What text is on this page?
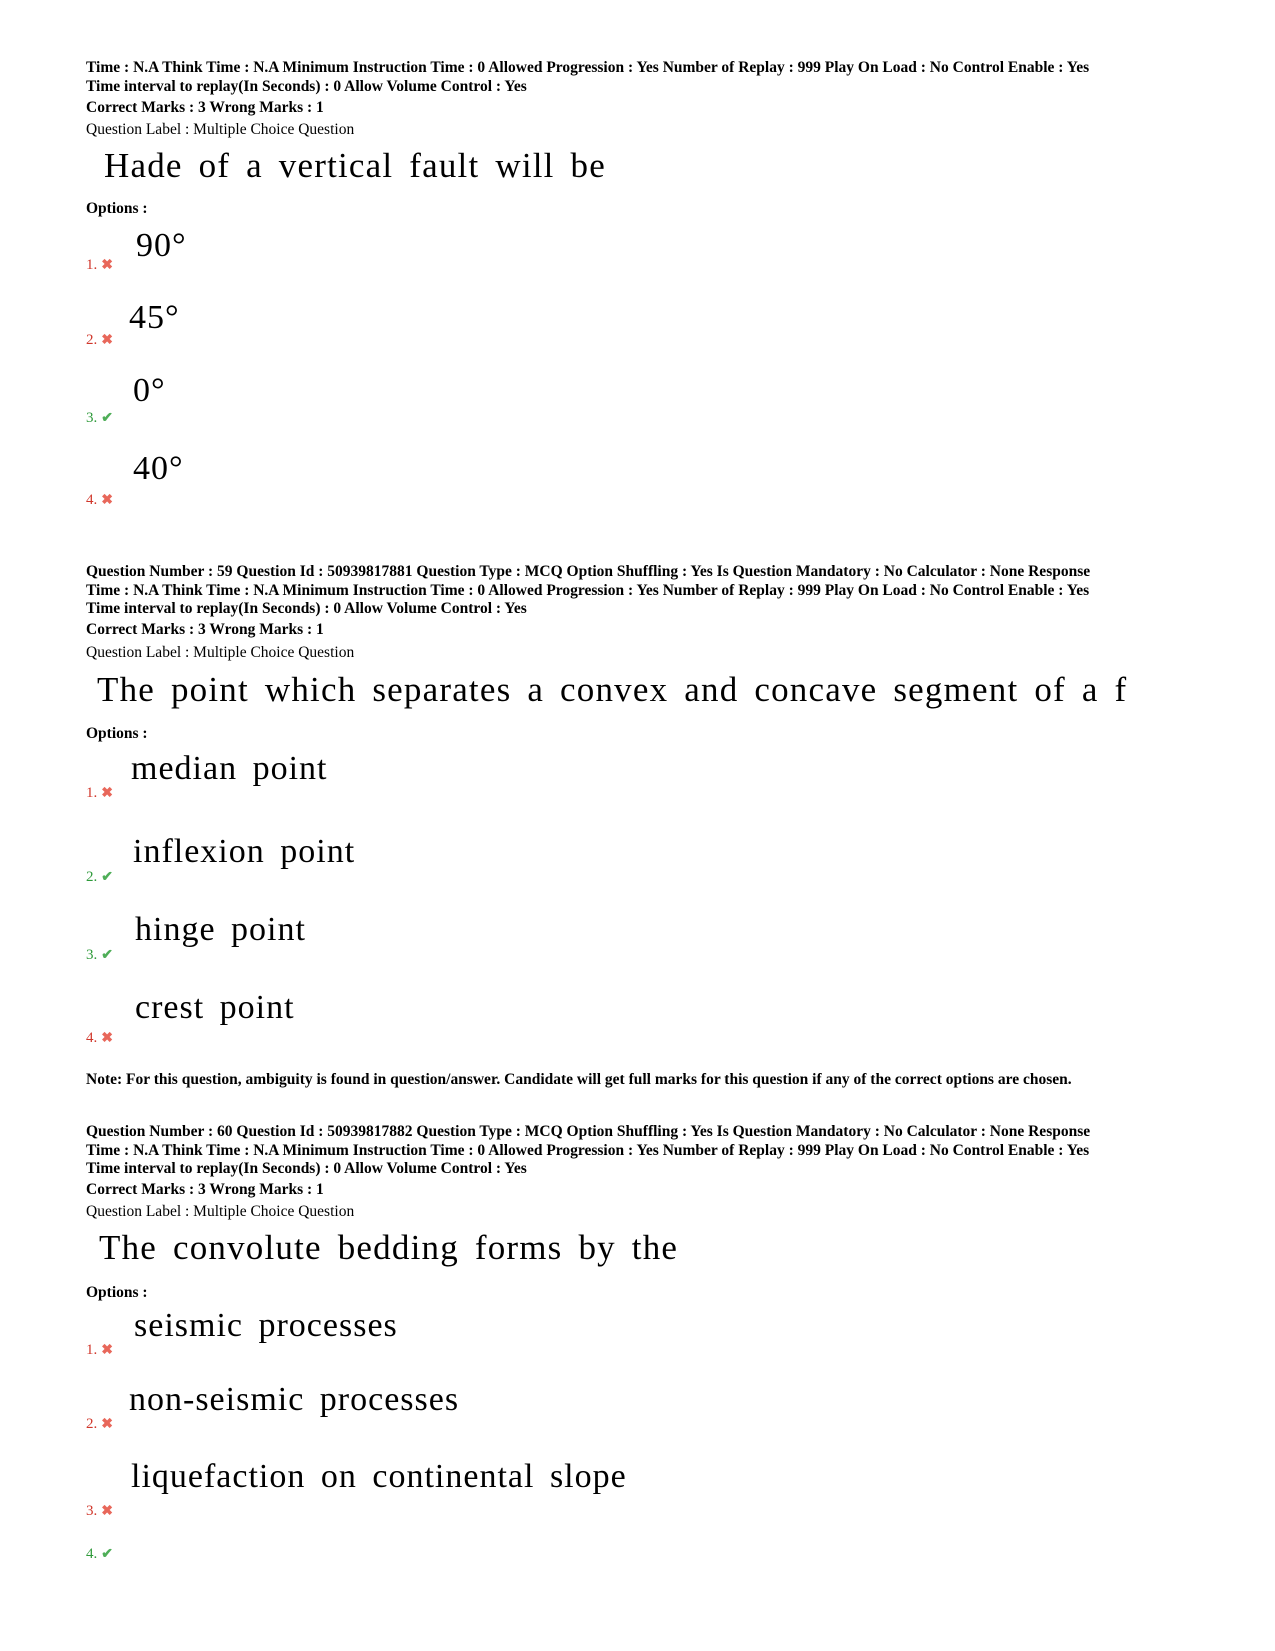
Time : N.A Think Time : N.A Minimum Instruction Time : 0 Allowed Progression : Yes Number of Replay : 999 Play On Load : No Control Enable : Yes
Time interval to replay(In Seconds) : 0 Allow Volume Control : Yes
Correct Marks : 3 Wrong Marks : 1
Question Label : Multiple Choice Question
Hade of a vertical fault will be
Options :
90°
1. ✖
45°
2. ✖
0°
3. ✔
40°
4. ✖
Question Number : 59 Question Id : 50939817881 Question Type : MCQ Option Shuffling : Yes Is Question Mandatory : No Calculator : None Response
Time : N.A Think Time : N.A Minimum Instruction Time : 0 Allowed Progression : Yes Number of Replay : 999 Play On Load : No Control Enable : Yes
Time interval to replay(In Seconds) : 0 Allow Volume Control : Yes
Correct Marks : 3 Wrong Marks : 1
Question Label : Multiple Choice Question
The point which separates a convex and concave segment of a f
Options :
median point
1. ✖
inflexion point
2. ✔
hinge point
3. ✔
crest point
4. ✖
Note: For this question, ambiguity is found in question/answer. Candidate will get full marks for this question if any of the correct options are chosen.
Question Number : 60 Question Id : 50939817882 Question Type : MCQ Option Shuffling : Yes Is Question Mandatory : No Calculator : None Response
Time : N.A Think Time : N.A Minimum Instruction Time : 0 Allowed Progression : Yes Number of Replay : 999 Play On Load : No Control Enable : Yes
Time interval to replay(In Seconds) : 0 Allow Volume Control : Yes
Correct Marks : 3 Wrong Marks : 1
Question Label : Multiple Choice Question
The convolute bedding forms by the
Options :
seismic processes
1. ✖
non-seismic processes
2. ✖
liquefaction on continental slope
3. ✖
4. ✔
